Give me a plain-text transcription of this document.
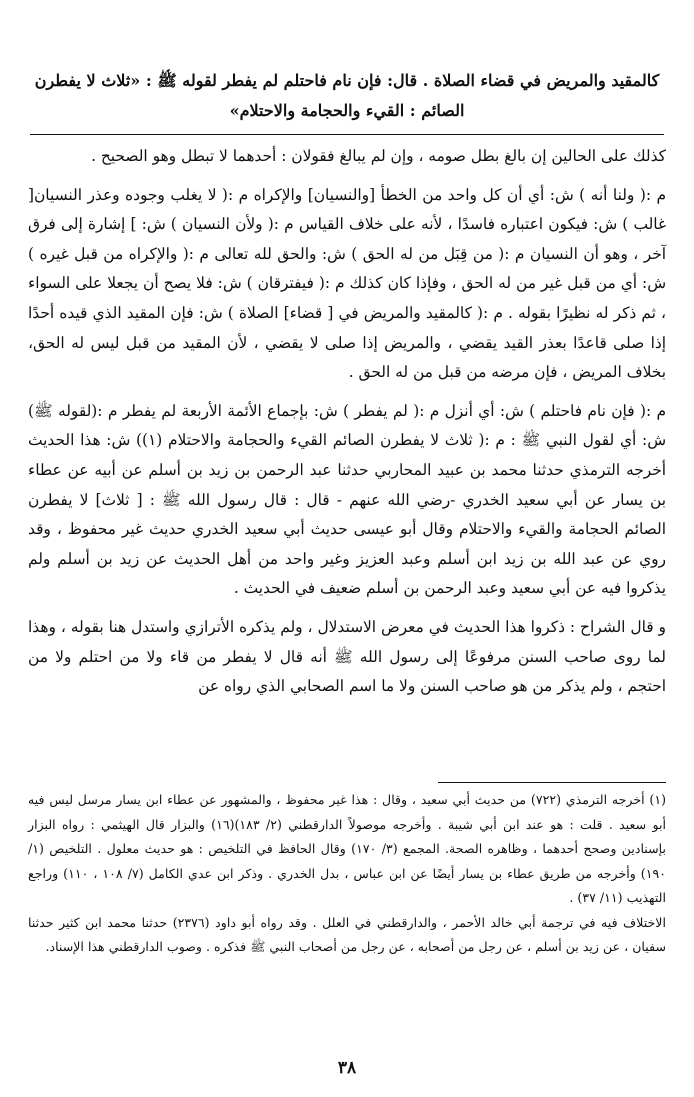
كالمقيد والمريض في قضاء الصلاة . قال: فإن نام فاحتلم لم يفطر لقوله ﷺ : «ثلاث لا يفطرن الصائم : القيء والحجامة والاحتلام»

كذلك على الحالين إن بالغ بطل صومه ، وإن لم يبالغ فقولان : أحدهما لا تبطل وهو الصحيح .

م :( ولنا أنه ) ش: أي أن كل واحد من الخطأ [والنسيان] والإكراه م :( لا يغلب وجوده وعذر النسيان[ غالب ) ش: فيكون اعتباره فاسدًا ، لأنه على خلاف القياس م :( ولأن النسيان ) ش: ] إشارة إلى فرق آخر ، وهو أن النسيان م :( من قِبَل من له الحق ) ش: والحق لله تعالى م :( والإكراه من قبل غيره ) ش: أي من قبل غير من له الحق ، وفإذا كان كذلك م :( فيفترقان ) ش: فلا يصح أن يجعلا على السواء ، ثم ذكر له نظيرًا بقوله . م :( كالمقيد والمريض في [ قضاء] الصلاة ) ش: فإن المقيد الذي قيده أحدًا إذا صلى قاعدًا بعذر القيد يقضي ، والمريض إذا صلى لا يقضي ، لأن المقيد من قبل ليس له الحق، بخلاف المريض ، فإن مرضه من قبل من له الحق .

م :( فإن نام فاحتلم ) ش: أي أنزل م :( لم يفطر ) ش: بإجماع الأئمة الأربعة لم يفطر م :(لقوله ﷺ) ش: أي لقول النبي ﷺ : م :( ثلاث لا يفطرن الصائم القيء والحجامة والاحتلام (١)) ش: هذا الحديث أخرجه الترمذي حدثنا محمد بن عبيد المحاربي حدثنا عبد الرحمن بن زيد بن أسلم عن أبيه عن عطاء بن يسار عن أبي سعيد الخدري -رضي الله عنهم - قال : قال رسول الله ﷺ : [ ثلاث] لا يفطرن الصائم الحجامة والقيء والاحتلام وقال أبو عيسى حديث أبي سعيد الخدري حديث غير محفوظ ، وقد روي عن عبد الله بن زيد ابن أسلم وعبد العزيز وغير واحد من أهل الحديث عن زيد بن أسلم ولم يذكروا فيه عن أبي سعيد وعبد الرحمن بن أسلم ضعيف في الحديث .

و قال الشراح : ذكروا هذا الحديث في معرض الاستدلال ، ولم يذكره الأترازي واستدل هنا بقوله ، وهذا لما روى صاحب السنن مرفوعًا إلى رسول الله ﷺ أنه قال لا يفطر من قاء ولا من احتلم ولا من احتجم ، ولم يذكر من هو صاحب السنن ولا ما اسم الصحابي الذي رواه عن

(١) أخرجه الترمذي (٧٢٢) من حديث أبي سعيد ، وقال : هذا غير محفوظ ، والمشهور عن عطاء ابن يسار مرسل ليس فيه أبو سعيد . قلت : هو عند ابن أبي شيبة . وأخرجه موصولاً الدارقطني (٢/ ١٨٣)(١٦) والبزار قال الهيثمي : رواه البزار بإسنادين وصحح أحدهما ، وظاهره الصحة. المجمع (٣/ ١٧٠) وقال الحافظ في التلخيص : هو حديث معلول . التلخيص (١/ ١٩٠) وأخرجه من طريق عطاء بن يسار أيضًا عن ابن عباس ، بدل الخدري . وذكر ابن عدي الكامل (٧/ ١٠٨ ، ١١٠) وراجع التهذيب (١١/ ٣٧) .

الاختلاف فيه في ترجمة أبي خالد الأحمر ، والدارقطني في العلل . وقد رواه أبو داود (٢٣٧٦) حدثنا محمد ابن كثير حدثنا سفيان ، عن زيد بن أسلم ، عن رجل من أصحابه ، عن رجل من أصحاب النبي ﷺ فذكره . وصوب الدارقطني هذا الإسناد.

٣٨
